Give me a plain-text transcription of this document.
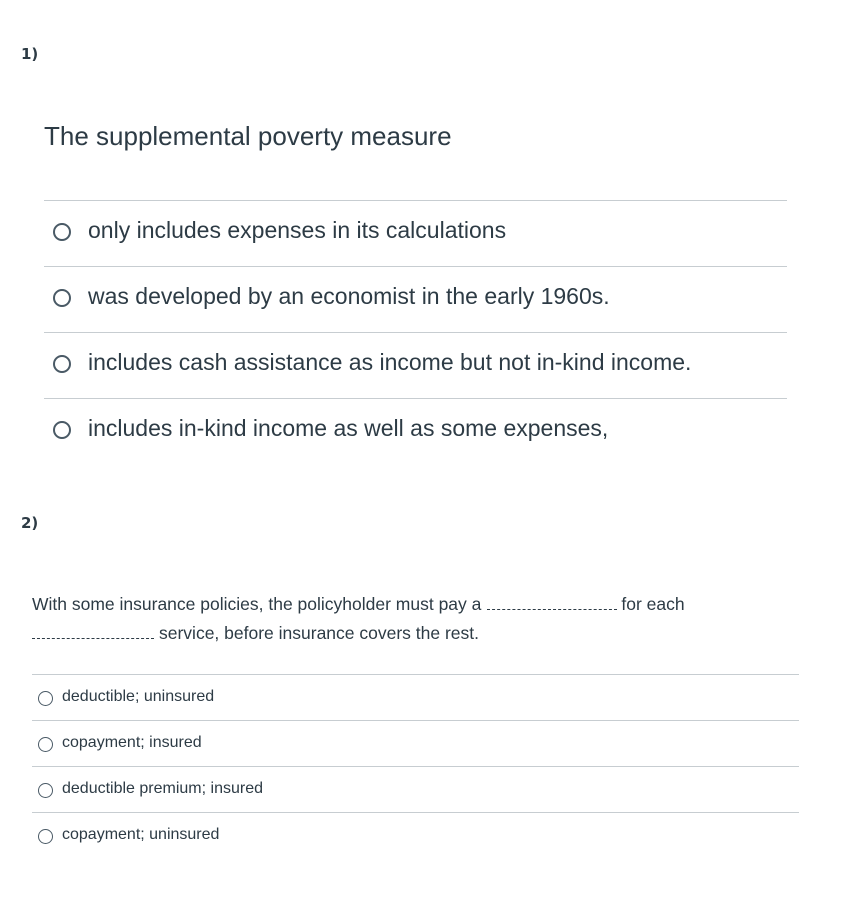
1)
The supplemental poverty measure
only includes expenses in its calculations
was developed by an economist in the early 1960s.
includes cash assistance as income but not in-kind income.
includes in-kind income as well as some expenses,
2)
With some insurance policies, the policyholder must pay a	for each
service, before insurance covers the rest.
deductible; uninsured
copayment; insured
deductible premium; insured
copayment; uninsured
